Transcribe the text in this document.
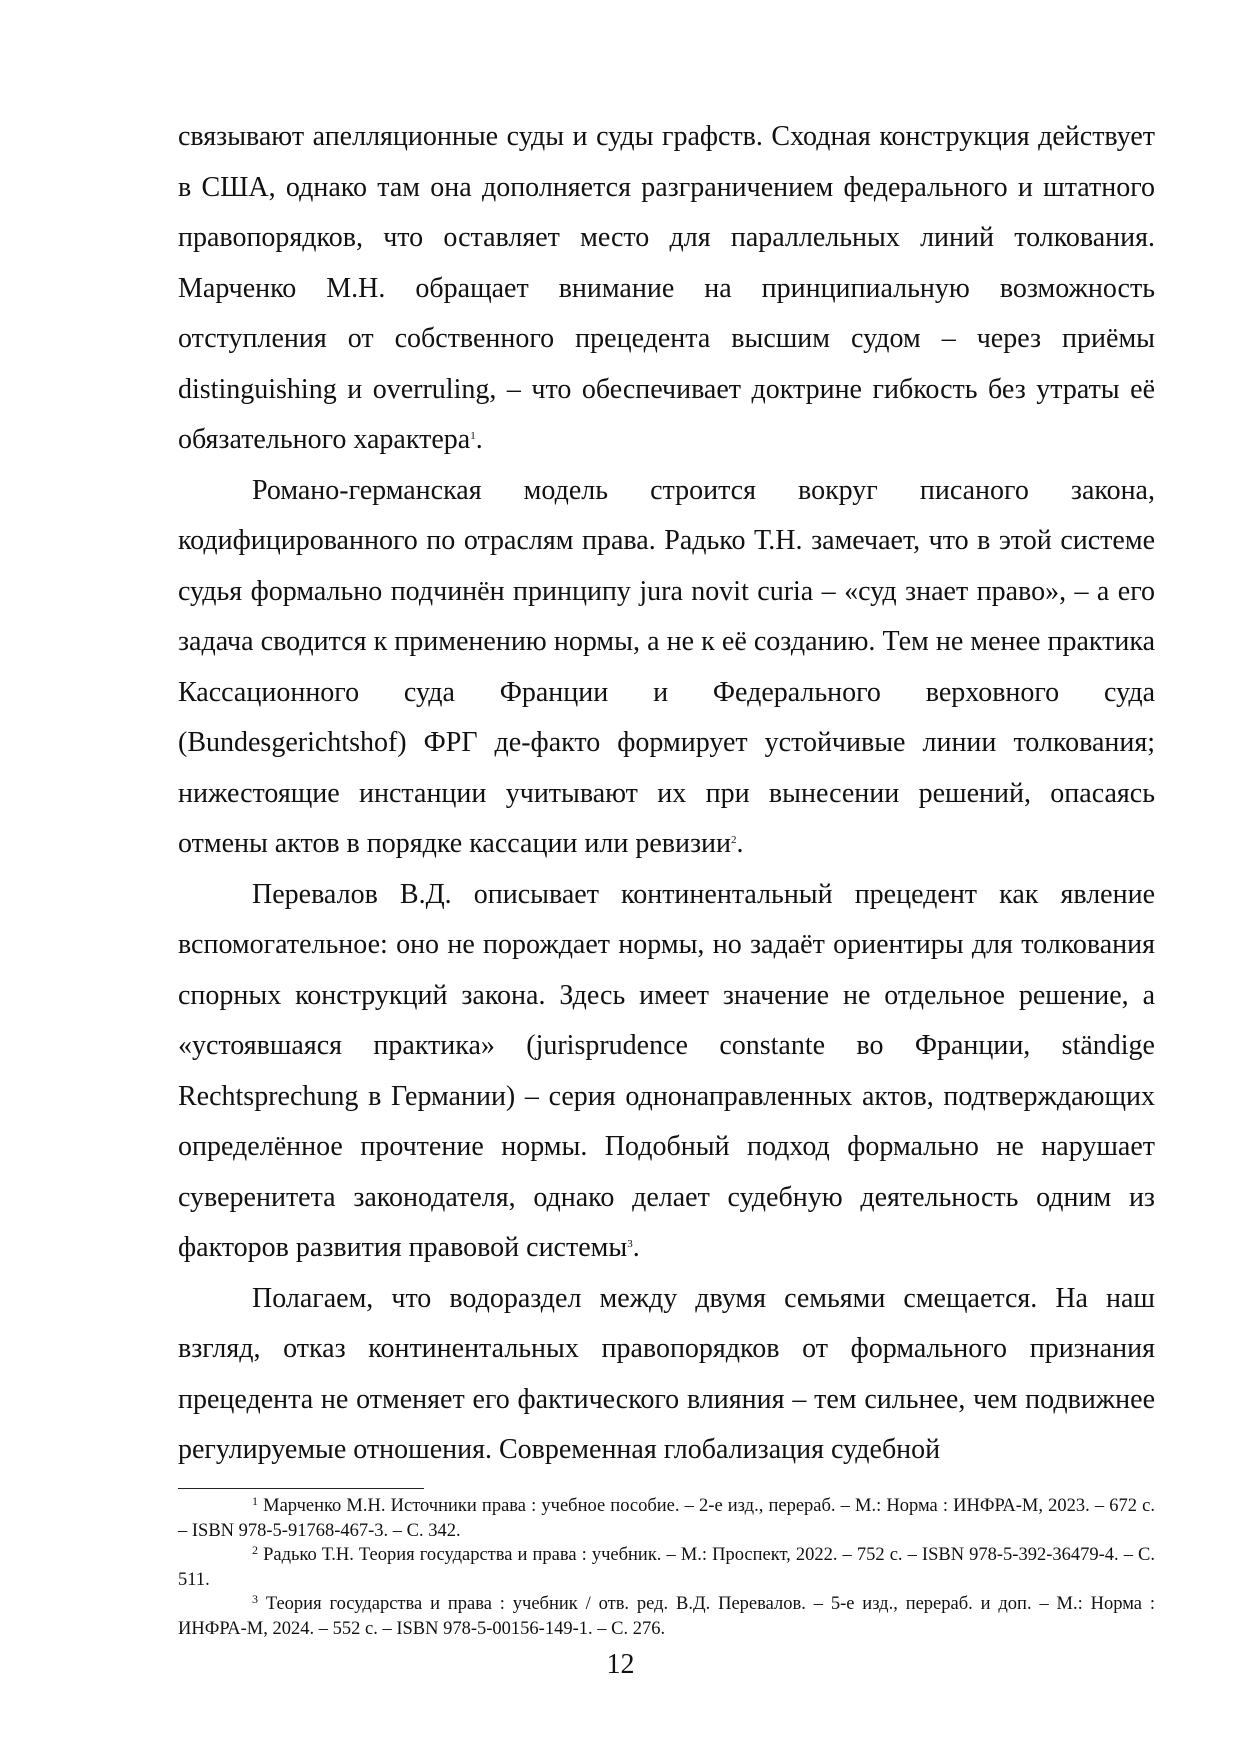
связывают апелляционные суды и суды графств. Сходная конструкция действует в США, однако там она дополняется разграничением федерального и штатного правопорядков, что оставляет место для параллельных линий толкования. Марченко М.Н. обращает внимание на принципиальную возможность отступления от собственного прецедента высшим судом – через приёмы distinguishing и overruling, – что обеспечивает доктрине гибкость без утраты её обязательного характера$^1$.

Романо-германская модель строится вокруг писаного закона, кодифицированного по отраслям права. Радько Т.Н. замечает, что в этой системе судья формально подчинён принципу jura novit curia – «суд знает право», – а его задача сводится к применению нормы, а не к её созданию. Тем не менее практика Кассационного суда Франции и Федерального верховного суда (Bundesgerichtshof) ФРГ де-факто формирует устойчивые линии толкования; нижестоящие инстанции учитывают их при вынесении решений, опасаясь отмены актов в порядке кассации или ревизии$^2$.

Перевалов В.Д. описывает континентальный прецедент как явление вспомогательное: оно не порождает нормы, но задаёт ориентиры для толкования спорных конструкций закона. Здесь имеет значение не отдельное решение, а «устоявшаяся практика» (jurisprudence constante во Франции, ständige Rechtsprechung в Германии) – серия однонаправленных актов, подтверждающих определённое прочтение нормы. Подобный подход формально не нарушает суверенитета законодателя, однако делает судебную деятельность одним из факторов развития правовой системы$^3$.

Полагаем, что водораздел между двумя семьями смещается. На наш взгляд, отказ континентальных правопорядков от формального признания прецедента не отменяет его фактического влияния – тем сильнее, чем подвижнее регулируемые отношения. Современная глобализация судебной

$^1$ Марченко М.Н. Источники права : учебное пособие. – 2-е изд., перераб. – М.: Норма : ИНФРА-М, 2023. – 672 с. – ISBN 978-5-91768-467-3. – С. 342.

$^2$ Радько Т.Н. Теория государства и права : учебник. – М.: Проспект, 2022. – 752 с. – ISBN 978-5-392-36479-4. – С. 511.

$^3$ Теория государства и права : учебник / отв. ред. В.Д. Перевалов. – 5-е изд., перераб. и доп. – М.: Норма : ИНФРА-М, 2024. – 552 с. – ISBN 978-5-00156-149-1. – С. 276.

12
